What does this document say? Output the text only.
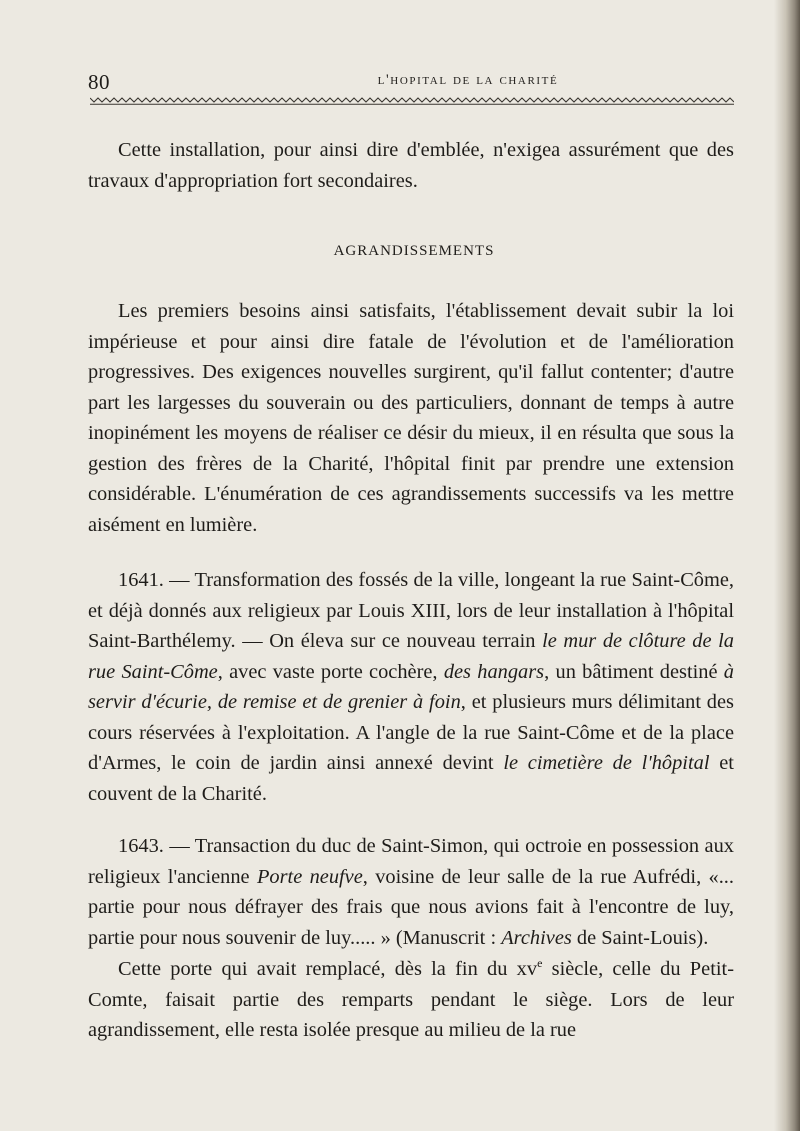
80	l'hopital de la charité

Cette installation, pour ainsi dire d'emblée, n'exigea assurément que des travaux d'appropriation fort secondaires.

AGRANDISSEMENTS

Les premiers besoins ainsi satisfaits, l'établissement devait subir la loi impérieuse et pour ainsi dire fatale de l'évolution et de l'amélioration progressives. Des exigences nouvelles surgirent, qu'il fallut contenter; d'autre part les largesses du souverain ou des particuliers, donnant de temps à autre inopinément les moyens de réaliser ce désir du mieux, il en résulta que sous la gestion des frères de la Charité, l'hôpital finit par prendre une extension considérable. L'énumération de ces agrandissements successifs va les mettre aisément en lumière.

1641. — Transformation des fossés de la ville, longeant la rue Saint-Côme, et déjà donnés aux religieux par Louis XIII, lors de leur installation à l'hôpital Saint-Barthélemy. — On éleva sur ce nouveau terrain le mur de clôture de la rue Saint-Côme, avec vaste porte cochère, des hangars, un bâtiment destiné à servir d'écurie, de remise et de grenier à foin, et plusieurs murs délimitant des cours réservées à l'exploitation. A l'angle de la rue Saint-Côme et de la place d'Armes, le coin de jardin ainsi annexé devint le cimetière de l'hôpital et couvent de la Charité.

1643. — Transaction du duc de Saint-Simon, qui octroie en possession aux religieux l'ancienne Porte neufve, voisine de leur salle de la rue Aufrédi, «... partie pour nous défrayer des frais que nous avions fait à l'encontre de luy, partie pour nous souvenir de luy..... » (Manuscrit : Archives de Saint-Louis).

Cette porte qui avait remplacé, dès la fin du $xv^e$ siècle, celle du Petit-Comte, faisait partie des remparts pendant le siège. Lors de leur agrandissement, elle resta isolée presque au milieu de la rue
